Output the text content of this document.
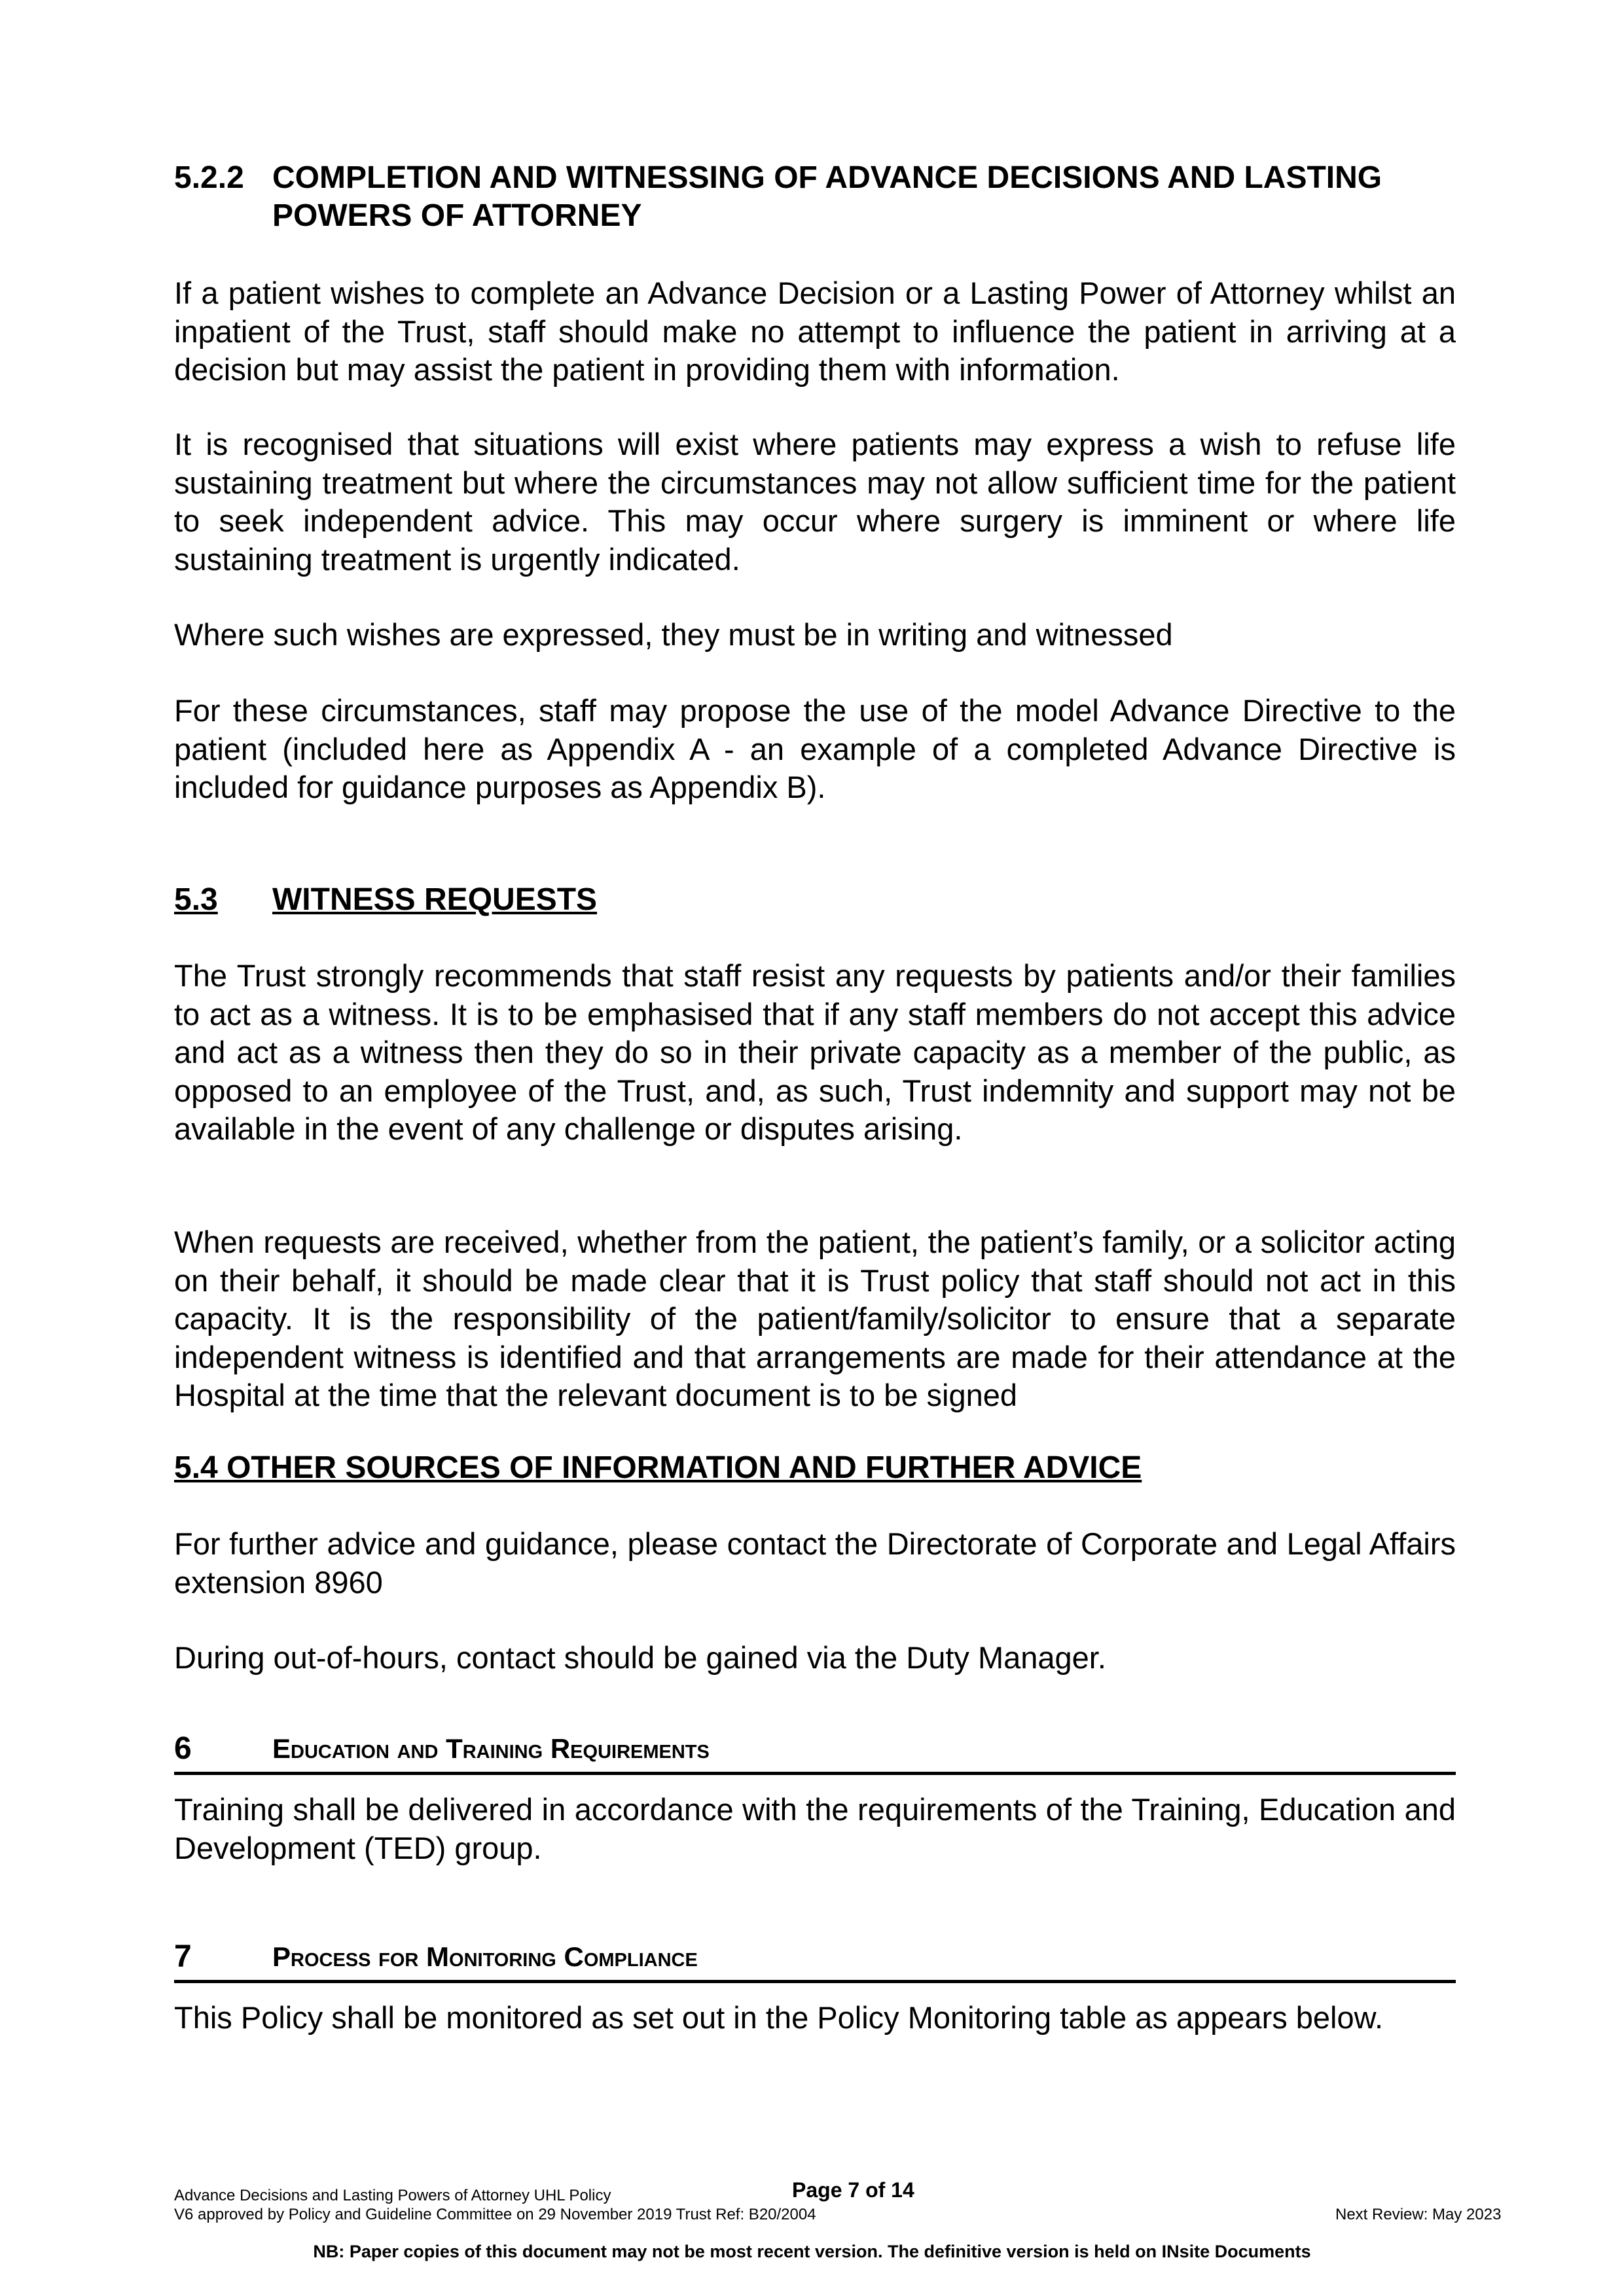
5.2.2 COMPLETION AND WITNESSING OF ADVANCE DECISIONS AND LASTING POWERS OF ATTORNEY
If a patient wishes to complete an Advance Decision or a Lasting Power of Attorney whilst an inpatient of the Trust, staff should make no attempt to influence the patient in arriving at a decision but may assist the patient in providing them with information.
It is recognised that situations will exist where patients may express a wish to refuse life sustaining treatment but where the circumstances may not allow sufficient time for the patient to seek independent advice. This may occur where surgery is imminent or where life sustaining treatment is urgently indicated.
Where such wishes are expressed, they must be in writing and witnessed
For these circumstances, staff may propose the use of the model Advance Directive to the patient (included here as Appendix A - an example of a completed Advance Directive is included for guidance purposes as Appendix B).
5.3 WITNESS REQUESTS
The Trust strongly recommends that staff resist any requests by patients and/or their families to act as a witness. It is to be emphasised that if any staff members do not accept this advice and act as a witness then they do so in their private capacity as a member of the public, as opposed to an employee of the Trust, and, as such, Trust indemnity and support may not be available in the event of any challenge or disputes arising.
When requests are received, whether from the patient, the patient’s family, or a solicitor acting on their behalf, it should be made clear that it is Trust policy that staff should not act in this capacity. It is the responsibility of the patient/family/solicitor to ensure that a separate independent witness is identified and that arrangements are made for their attendance at the Hospital at the time that the relevant document is to be signed
5.4 OTHER SOURCES OF INFORMATION AND FURTHER ADVICE
For further advice and guidance, please contact the Directorate of Corporate and Legal Affairs extension 8960
During out-of-hours, contact should be gained via the Duty Manager.
6	Education and Training Requirements
Training shall be delivered in accordance with the requirements of the Training, Education and Development (TED) group.
7	Process for Monitoring Compliance
This Policy shall be monitored as set out in the Policy Monitoring table as appears below.
Advance Decisions and Lasting Powers of Attorney UHL Policy	Page 7 of 14
V6 approved by Policy and Guideline Committee on 29 November 2019 Trust Ref: B20/2004	Next Review: May 2023
NB: Paper copies of this document may not be most recent version. The definitive version is held on INsite Documents
